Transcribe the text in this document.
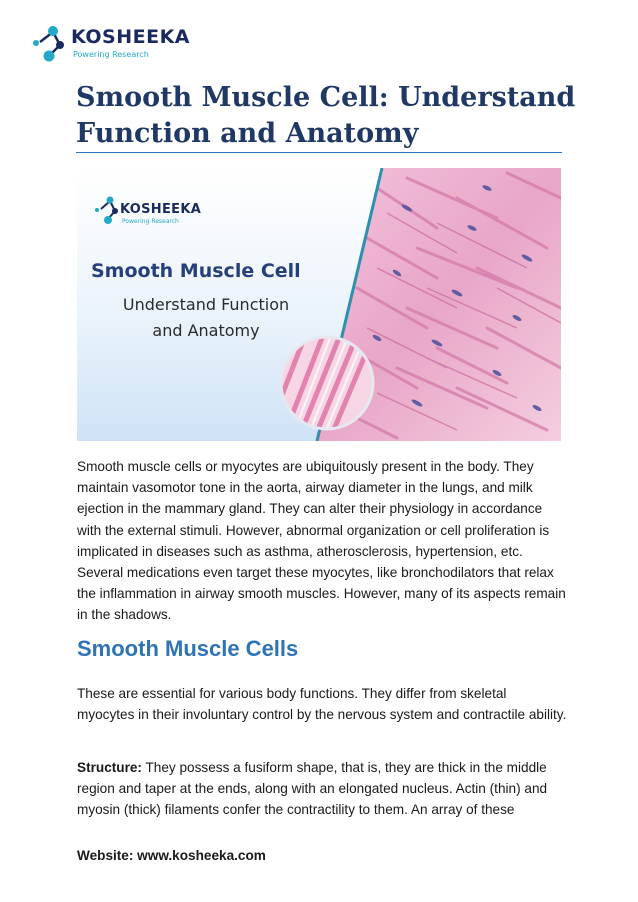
KOSHEEKA
Powering Research
Smooth Muscle Cell: Understand Function and Anatomy
KOSHEEKA
Powering Research
Smooth Muscle Cell
Understand Function
and Anatomy

Smooth muscle cells or myocytes are ubiquitously present in the body. They maintain vasomotor tone in the aorta, airway diameter in the lungs, and milk ejection in the mammary gland. They can alter their physiology in accordance with the external stimuli. However, abnormal organization or cell proliferation is implicated in diseases such as asthma, atherosclerosis, hypertension, etc. Several medications even target these myocytes, like bronchodilators that relax the inflammation in airway smooth muscles. However, many of its aspects remain in the shadows.

Smooth Muscle Cells

These are essential for various body functions. They differ from skeletal myocytes in their involuntary control by the nervous system and contractile ability.

Structure: They possess a fusiform shape, that is, they are thick in the middle region and taper at the ends, along with an elongated nucleus. Actin (thin) and myosin (thick) filaments confer the contractility to them. An array of these

Website: www.kosheeka.com
